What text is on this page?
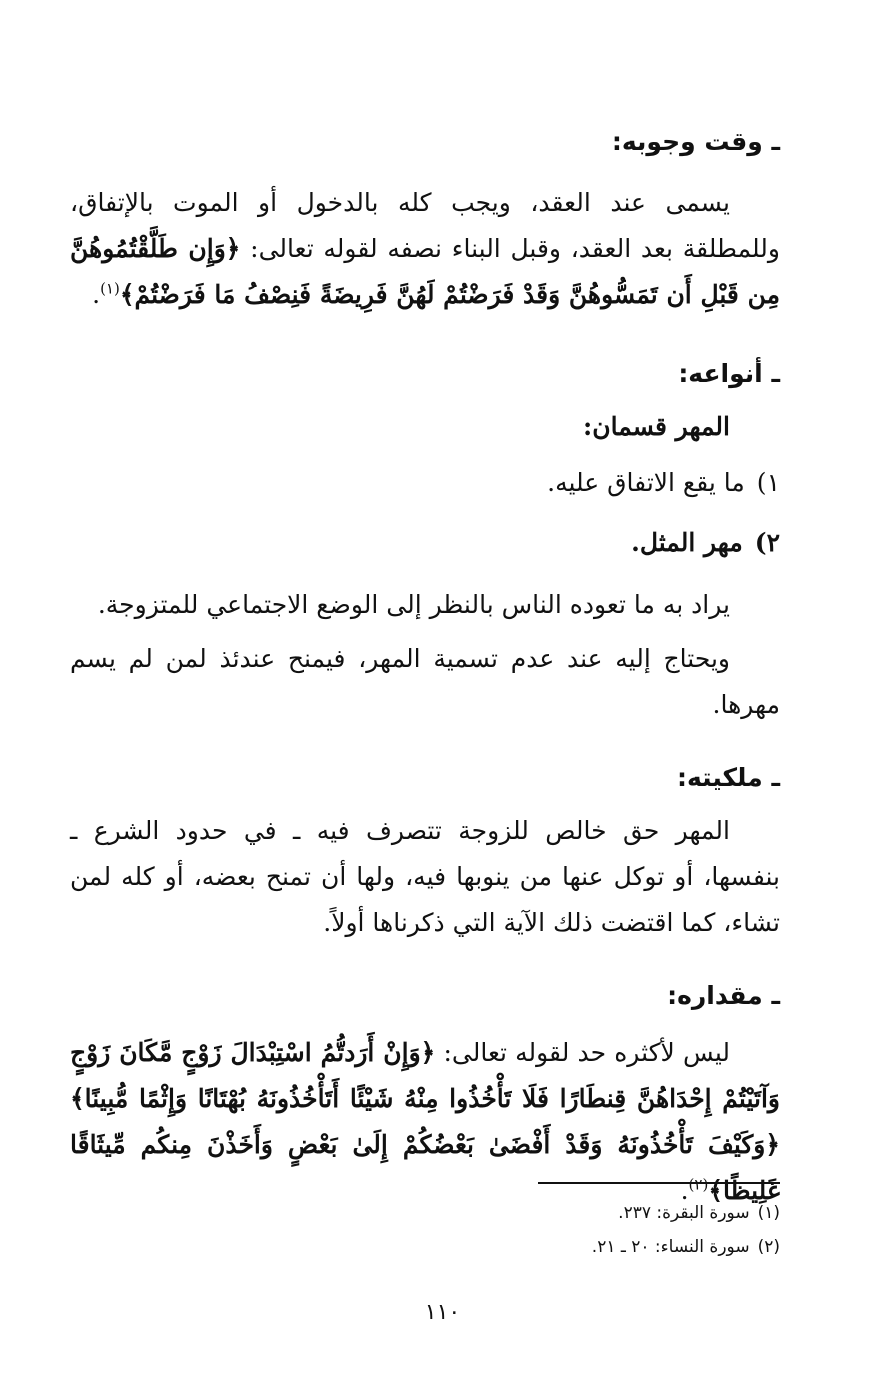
ـ وقت وجوبه:

يسمى عند العقد، ويجب كله بالدخول أو الموت بالإتفاق، وللمطلقة بعد العقد، وقبل البناء نصفه لقوله تعالى: ﴿وَإِن طَلَّقْتُمُوهُنَّ مِن قَبْلِ أَن تَمَسُّوهُنَّ وَقَدْ فَرَضْتُمْ لَهُنَّ فَرِيضَةً فَنِصْفُ مَا فَرَضْتُمْ﴾$^{(١)}$.

ـ أنواعه:

المهر قسمان:

١)ما يقع الاتفاق عليه.

٢)مهر المثل.

يراد به ما تعوده الناس بالنظر إلى الوضع الاجتماعي للمتزوجة.

ويحتاج إليه عند عدم تسمية المهر، فيمنح عندئذ لمن لم يسم مهرها.

ـ ملكيته:

المهر حق خالص للزوجة تتصرف فيه ـ في حدود الشرع ـ بنفسها، أو توكل عنها من ينوبها فيه، ولها أن تمنح بعضه، أو كله لمن تشاء، كما اقتضت ذلك الآية التي ذكرناها أولاً.

ـ مقداره:

ليس لأكثره حد لقوله تعالى: ﴿وَإِنْ أَرَدتُّمُ اسْتِبْدَالَ زَوْجٍ مَّكَانَ زَوْجٍ وَآتَيْتُمْ إِحْدَاهُنَّ قِنطَارًا فَلَا تَأْخُذُوا مِنْهُ شَيْئًا أَتَأْخُذُونَهُ بُهْتَانًا وَإِثْمًا مُّبِينًا﴾ ﴿وَكَيْفَ تَأْخُذُونَهُ وَقَدْ أَفْضَىٰ بَعْضُكُمْ إِلَىٰ بَعْضٍ وَأَخَذْنَ مِنكُم مِّيثَاقًا غَلِيظًا﴾$^{(٢)}$.

(١)سورة البقرة: ٢٣٧.

(٢)سورة النساء: ٢٠ ـ ٢١.

١١٠
